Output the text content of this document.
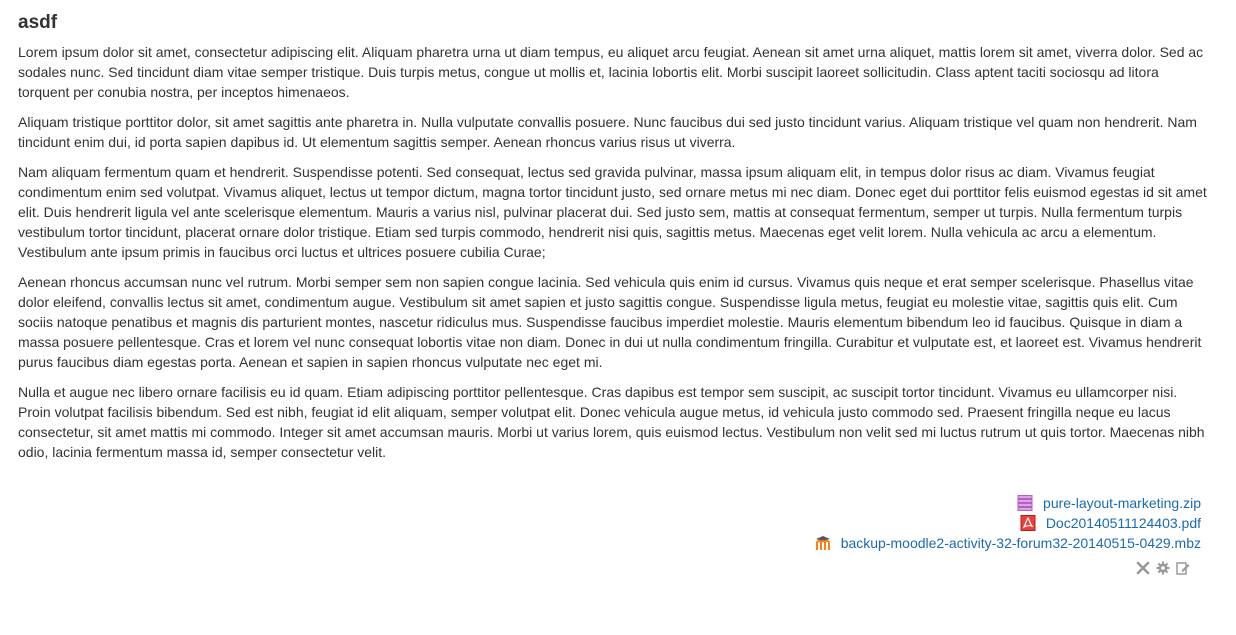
asdf

Lorem ipsum dolor sit amet, consectetur adipiscing elit. Aliquam pharetra urna ut diam tempus, eu aliquet arcu feugiat. Aenean sit amet urna aliquet, mattis lorem sit amet, viverra dolor. Sed ac sodales nunc. Sed tincidunt diam vitae semper tristique. Duis turpis metus, congue ut mollis et, lacinia lobortis elit. Morbi suscipit laoreet sollicitudin. Class aptent taciti sociosqu ad litora torquent per conubia nostra, per inceptos himenaeos.

Aliquam tristique porttitor dolor, sit amet sagittis ante pharetra in. Nulla vulputate convallis posuere. Nunc faucibus dui sed justo tincidunt varius. Aliquam tristique vel quam non hendrerit. Nam tincidunt enim dui, id porta sapien dapibus id. Ut elementum sagittis semper. Aenean rhoncus varius risus ut viverra.

Nam aliquam fermentum quam et hendrerit. Suspendisse potenti. Sed consequat, lectus sed gravida pulvinar, massa ipsum aliquam elit, in tempus dolor risus ac diam. Vivamus feugiat condimentum enim sed volutpat. Vivamus aliquet, lectus ut tempor dictum, magna tortor tincidunt justo, sed ornare metus mi nec diam. Donec eget dui porttitor felis euismod egestas id sit amet elit. Duis hendrerit ligula vel ante scelerisque elementum. Mauris a varius nisl, pulvinar placerat dui. Sed justo sem, mattis at consequat fermentum, semper ut turpis. Nulla fermentum turpis vestibulum tortor tincidunt, placerat ornare dolor tristique. Etiam sed turpis commodo, hendrerit nisi quis, sagittis metus. Maecenas eget velit lorem. Nulla vehicula ac arcu a elementum. Vestibulum ante ipsum primis in faucibus orci luctus et ultrices posuere cubilia Curae;

Aenean rhoncus accumsan nunc vel rutrum. Morbi semper sem non sapien congue lacinia. Sed vehicula quis enim id cursus. Vivamus quis neque et erat semper scelerisque. Phasellus vitae dolor eleifend, convallis lectus sit amet, condimentum augue. Vestibulum sit amet sapien et justo sagittis congue. Suspendisse ligula metus, feugiat eu molestie vitae, sagittis quis elit. Cum sociis natoque penatibus et magnis dis parturient montes, nascetur ridiculus mus. Suspendisse faucibus imperdiet molestie. Mauris elementum bibendum leo id faucibus. Quisque in diam a massa posuere pellentesque. Cras et lorem vel nunc consequat lobortis vitae non diam. Donec in dui ut nulla condimentum fringilla. Curabitur et vulputate est, et laoreet est. Vivamus hendrerit purus faucibus diam egestas porta. Aenean et sapien in sapien rhoncus vulputate nec eget mi.

Nulla et augue nec libero ornare facilisis eu id quam. Etiam adipiscing porttitor pellentesque. Cras dapibus est tempor sem suscipit, ac suscipit tortor tincidunt. Vivamus eu ullamcorper nisi. Proin volutpat facilisis bibendum. Sed est nibh, feugiat id elit aliquam, semper volutpat elit. Donec vehicula augue metus, id vehicula justo commodo sed. Praesent fringilla neque eu lacus consectetur, sit amet mattis mi commodo. Integer sit amet accumsan mauris. Morbi ut varius lorem, quis euismod lectus. Vestibulum non velit sed mi luctus rutrum ut quis tortor. Maecenas nibh odio, lacinia fermentum massa id, semper consectetur velit.

pure-layout-marketing.zip
Doc20140511124403.pdf
backup-moodle2-activity-32-forum32-20140515-0429.mbz
